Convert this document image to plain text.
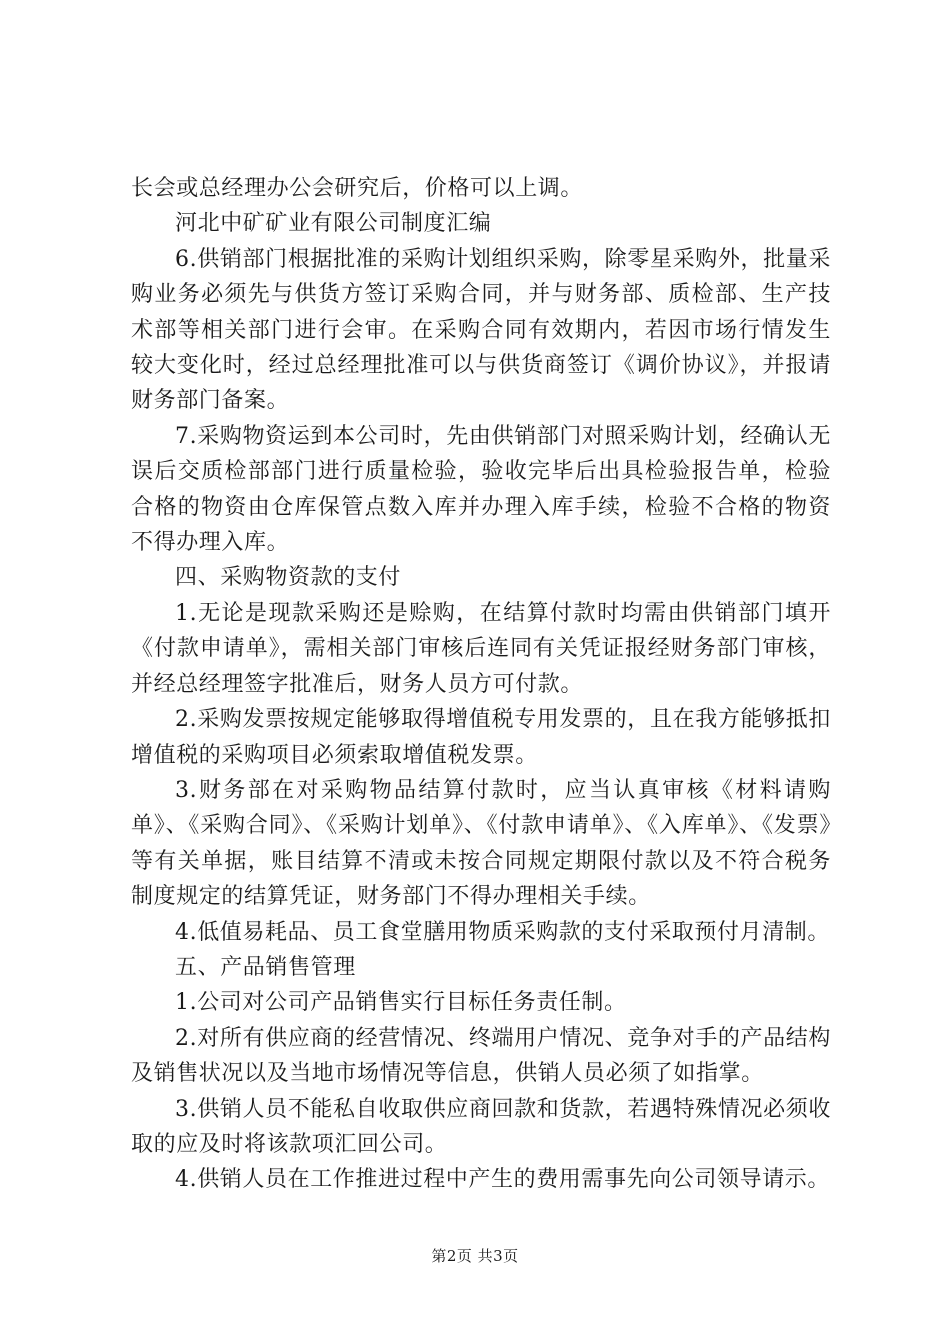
长会或总经理办公会研究后，价格可以上调。

河北中矿矿业有限公司制度汇编

6.供销部门根据批准的采购计划组织采购，除零星采购外，批量采购业务必须先与供货方签订采购合同，并与财务部、质检部、生产技术部等相关部门进行会审。在采购合同有效期内，若因市场行情发生较大变化时，经过总经理批准可以与供货商签订《调价协议》，并报请财务部门备案。

7.采购物资运到本公司时，先由供销部门对照采购计划，经确认无误后交质检部部门进行质量检验，验收完毕后出具检验报告单，检验合格的物资由仓库保管点数入库并办理入库手续，检验不合格的物资不得办理入库。

四、采购物资款的支付

1.无论是现款采购还是赊购，在结算付款时均需由供销部门填开《付款申请单》，需相关部门审核后连同有关凭证报经财务部门审核，并经总经理签字批准后，财务人员方可付款。

2.采购发票按规定能够取得增值税专用发票的，且在我方能够抵扣增值税的采购项目必须索取增值税发票。

3.财务部在对采购物品结算付款时，应当认真审核《材料请购单》、《采购合同》、《采购计划单》、《付款申请单》、《入库单》、《发票》等有关单据，账目结算不清或未按合同规定期限付款以及不符合税务制度规定的结算凭证，财务部门不得办理相关手续。

4.低值易耗品、员工食堂膳用物质采购款的支付采取预付月清制。

五、产品销售管理

1.公司对公司产品销售实行目标任务责任制。

2.对所有供应商的经营情况、终端用户情况、竞争对手的产品结构及销售状况以及当地市场情况等信息，供销人员必须了如指掌。

3.供销人员不能私自收取供应商回款和货款，若遇特殊情况必须收取的应及时将该款项汇回公司。

4.供销人员在工作推进过程中产生的费用需事先向公司领导请示。

第2页 共3页
